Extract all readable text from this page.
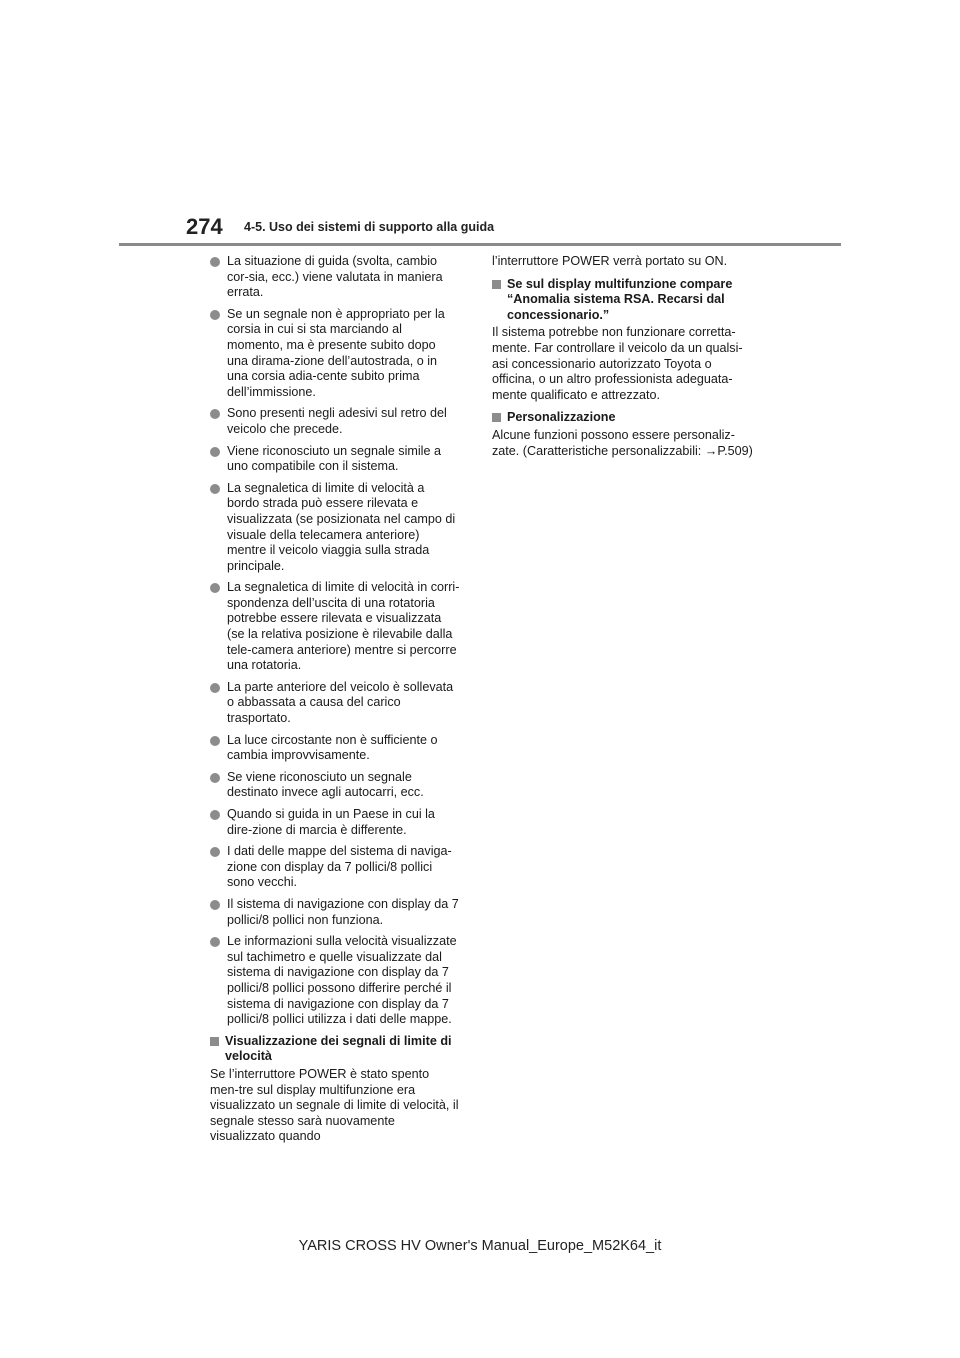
274 4-5. Uso dei sistemi di supporto alla guida
La situazione di guida (svolta, cambio cor-sia, ecc.) viene valutata in maniera errata.
Se un segnale non è appropriato per la corsia in cui si sta marciando al momento, ma è presente subito dopo una dirama-zione dell’autostrada, o in una corsia adia-cente subito prima dell’immissione.
Sono presenti negli adesivi sul retro del veicolo che precede.
Viene riconosciuto un segnale simile a uno compatibile con il sistema.
La segnaletica di limite di velocità a bordo strada può essere rilevata e visualizzata (se posizionata nel campo di visuale della telecamera anteriore) mentre il veicolo viaggia sulla strada principale.
La segnaletica di limite di velocità in corri-spondenza dell’uscita di una rotatoria potrebbe essere rilevata e visualizzata (se la relativa posizione è rilevabile dalla tele-camera anteriore) mentre si percorre una rotatoria.
La parte anteriore del veicolo è sollevata o abbassata a causa del carico trasportato.
La luce circostante non è sufficiente o cambia improvvisamente.
Se viene riconosciuto un segnale destinato invece agli autocarri, ecc.
Quando si guida in un Paese in cui la dire-zione di marcia è differente.
I dati delle mappe del sistema di naviga-zione con display da 7 pollici/8 pollici sono vecchi.
Il sistema di navigazione con display da 7 pollici/8 pollici non funziona.
Le informazioni sulla velocità visualizzate sul tachimetro e quelle visualizzate dal sistema di navigazione con display da 7 pollici/8 pollici possono differire perché il sistema di navigazione con display da 7 pollici/8 pollici utilizza i dati delle mappe.
Visualizzazione dei segnali di limite di velocità
Se l’interruttore POWER è stato spento men-tre sul display multifunzione era visualizzato un segnale di limite di velocità, il segnale stesso sarà nuovamente visualizzato quando
l’interruttore POWER verrà portato su ON.
Se sul display multifunzione compare “Anomalia sistema RSA. Recarsi dal concessionario.”
Il sistema potrebbe non funzionare corretta-mente. Far controllare il veicolo da un qualsi-asi concessionario autorizzato Toyota o officina, o un altro professionista adeguata-mente qualificato e attrezzato.
Personalizzazione
Alcune funzioni possono essere personaliz-zate. (Caratteristiche personalizzabili: →P.509)
YARIS CROSS HV Owner's Manual_Europe_M52K64_it
